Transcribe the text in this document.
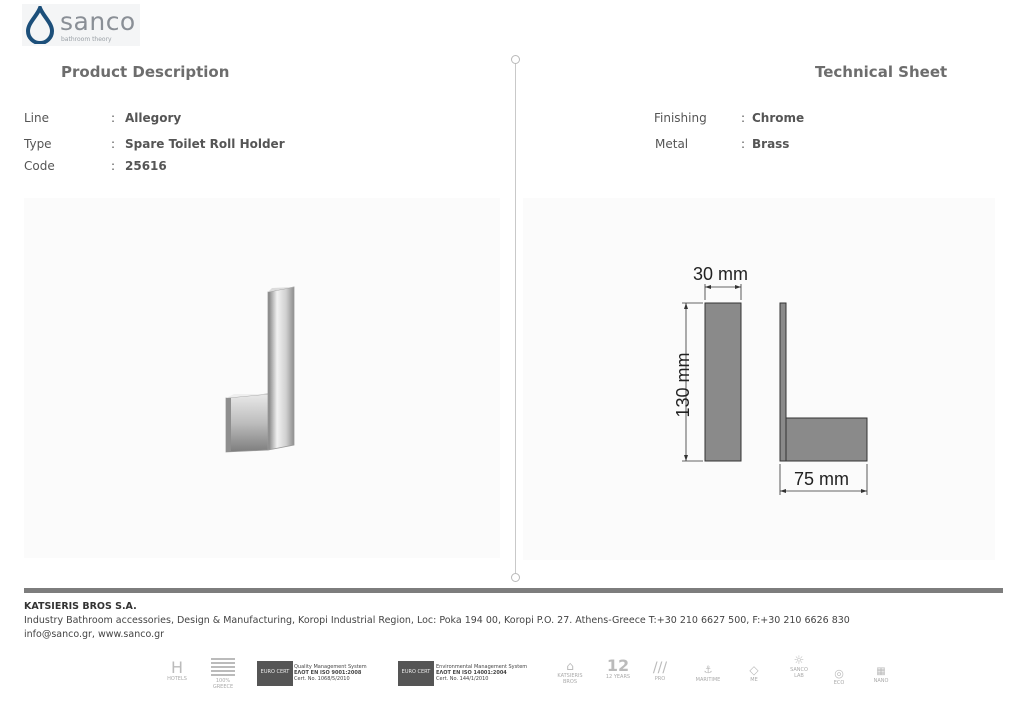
sanco
bathroom theory
Product Description	Technical Sheet
Line	: Allegory
Type	: Spare Toilet Roll Holder
Code	: 25616
Finishing	: Chrome
Metal	: Brass
30 mm
130 mm
75 mm
KATSIERIS BROS S.A.
Industry Bathroom accessories, Design & Manufacturing, Koropi Industrial Region, Loc: Poka 194 00, Koropi P.O. 27. Athens-Greece T:+30 210 6627 500, F:+30 210 6626 830
info@sanco.gr, www.sanco.gr
H
HOTELS	100% GREECE
EURO CERT
Quality Management System
ΕΛΟΤ EN ISO 9001:2008
Cert. No. 1068/5/2010
EURO CERT
Environmental Management System
ΕΛΟΤ EN ISO 14001:2004
Cert. No. 144/1/2010
⌂
KATSIERIS BROS
12
12 YEARS
///
PRO
⚓
MARITIME
◇
ME
☼
SANCO LAB	◎
ECO
▦
NANO
